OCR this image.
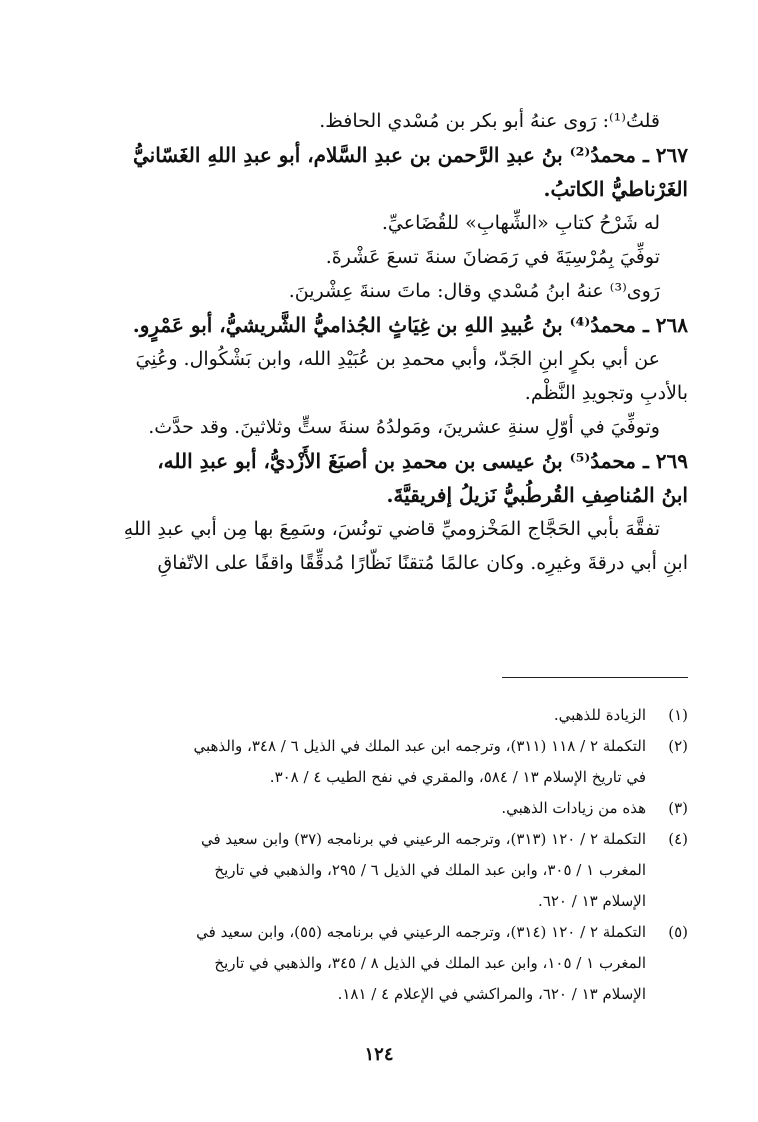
قلتُ⁽¹⁾: رَوى عنهُ أبو بكر بن مُسْدي الحافظ.
٢٦٧ ـ محمدُ⁽²⁾ بنُ عبدِ الرَّحمن بن عبدِ السَّلام، أبو عبدِ اللهِ الغَسّانيُّ
الغَرْناطيُّ الكاتبُ.
له شَرْحُ كتابِ «الشِّهابِ» للقُضَاعيِّ.
توفِّيَ بِمُرْسِيَةَ في رَمَضانَ سنةَ تسعَ عَشْرةَ.
رَوى⁽³⁾ عنهُ ابنُ مُسْدي وقال: ماتَ سنةَ عِشْرينَ.
٢٦٨ ـ محمدُ⁽⁴⁾ بنُ عُبيدِ اللهِ بن غِيَاثٍ الجُذاميُّ الشَّريشيُّ، أبو عَمْرٍو.
عن أبي بكرٍ ابنِ الجَدّ، وأبي محمدِ بن عُبَيْدِ الله، وابن بَشْكُوال. وعُنِيَ
بالأدبِ وتجويدِ النَّظْم.
وتوفِّيَ في أوّلِ سنةِ عشرينَ، ومَولدُهُ سنةَ ستٍّ وثلاثينَ. وقد حدَّث.
٢٦٩ ـ محمدُ⁽⁵⁾ بنُ عيسى بن محمدِ بن أصبَغَ الأَزْديُّ، أبو عبدِ الله،
ابنُ المُناصِفِ القُرطُبيُّ نَزيلُ إفريقيَّةَ.
تفقَّهَ بأبي الحَجَّاج المَخْزوميِّ قاضي تونُسَ، وسَمِعَ بها مِن أبي عبدِ اللهِ
ابنِ أبي درقةَ وغيرِه. وكان عالمًا مُتقنًا نَظّارًا مُدقِّقًا واقفًا على الاتّفاقِ
(١)
الزيادة للذهبي.
(٢)
التكملة ٢ / ١١٨ (٣١١)، وترجمه ابن عبد الملك في الذيل ٦ / ٣٤٨، والذهبي
في تاريخ الإسلام ١٣ / ٥٨٤، والمقري في نفح الطيب ٤ / ٣٠٨.
(٣)
هذه من زيادات الذهبي.
(٤)
التكملة ٢ / ١٢٠ (٣١٣)، وترجمه الرعيني في برنامجه (٣٧) وابن سعيد في
المغرب ١ / ٣٠٥، وابن عبد الملك في الذيل ٦ / ٢٩٥، والذهبي في تاريخ
الإسلام ١٣ / ٦٢٠.
(٥)
التكملة ٢ / ١٢٠ (٣١٤)، وترجمه الرعيني في برنامجه (٥٥)، وابن سعيد في
المغرب ١ / ١٠٥، وابن عبد الملك في الذيل ٨ / ٣٤٥، والذهبي في تاريخ
الإسلام ١٣ / ٦٢٠، والمراكشي في الإعلام ٤ / ١٨١.
١٢٤
